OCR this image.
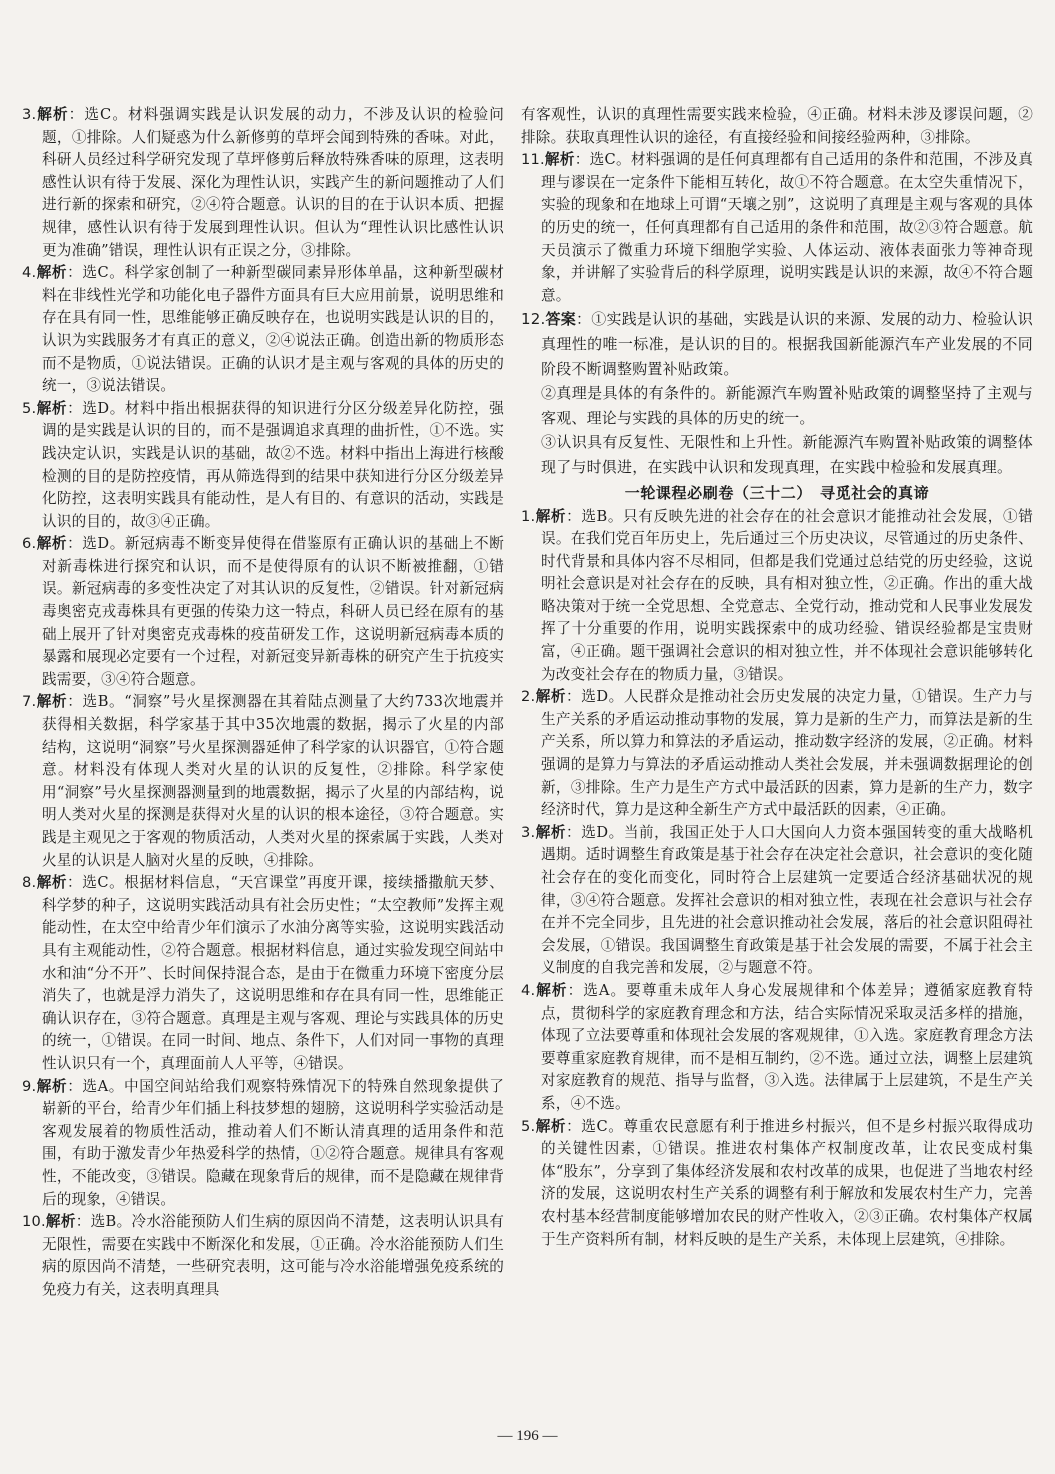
3.解析：选C。材料强调实践是认识发展的动力，不涉及认识的检验问题，①排除。人们疑惑为什么新修剪的草坪会闻到特殊的香味。对此，科研人员经过科学研究发现了草坪修剪后释放特殊香味的原理，这表明感性认识有待于发展、深化为理性认识，实践产生的新问题推动了人们进行新的探索和研究，②④符合题意。认识的目的在于认识本质、把握规律，感性认识有待于发展到理性认识。但认为“理性认识比感性认识更为准确”错误，理性认识有正误之分，③排除。

4.解析：选C。科学家创制了一种新型碳同素异形体单晶，这种新型碳材料在非线性光学和功能化电子器件方面具有巨大应用前景，说明思维和存在具有同一性，思维能够正确反映存在，也说明实践是认识的目的，认识为实践服务才有真正的意义，②④说法正确。创造出新的物质形态而不是物质，①说法错误。正确的认识才是主观与客观的具体的历史的统一，③说法错误。

5.解析：选D。材料中指出根据获得的知识进行分区分级差异化防控，强调的是实践是认识的目的，而不是强调追求真理的曲折性，①不选。实践决定认识，实践是认识的基础，故②不选。材料中指出上海进行核酸检测的目的是防控疫情，再从筛选得到的结果中获知进行分区分级差异化防控，这表明实践具有能动性，是人有目的、有意识的活动，实践是认识的目的，故③④正确。

6.解析：选D。新冠病毒不断变异使得在借鉴原有正确认识的基础上不断对新毒株进行探究和认识，而不是使得原有的认识不断被推翻，①错误。新冠病毒的多变性决定了对其认识的反复性，②错误。针对新冠病毒奥密克戎毒株具有更强的传染力这一特点，科研人员已经在原有的基础上展开了针对奥密克戎毒株的疫苗研发工作，这说明新冠病毒本质的暴露和展现必定要有一个过程，对新冠变异新毒株的研究产生于抗疫实践需要，③④符合题意。

7.解析：选B。“洞察”号火星探测器在其着陆点测量了大约733次地震并获得相关数据，科学家基于其中35次地震的数据，揭示了火星的内部结构，这说明“洞察”号火星探测器延伸了科学家的认识器官，①符合题意。材料没有体现人类对火星的认识的反复性，②排除。科学家使用“洞察”号火星探测器测量到的地震数据，揭示了火星的内部结构，说明人类对火星的探测是获得对火星的认识的根本途径，③符合题意。实践是主观见之于客观的物质活动，人类对火星的探索属于实践，人类对火星的认识是人脑对火星的反映，④排除。

8.解析：选C。根据材料信息，“天宫课堂”再度开课，接续播撒航天梦、科学梦的种子，这说明实践活动具有社会历史性；“太空教师”发挥主观能动性，在太空中给青少年们演示了水油分离等实验，这说明实践活动具有主观能动性，②符合题意。根据材料信息，通过实验发现空间站中水和油“分不开”、长时间保持混合态，是由于在微重力环境下密度分层消失了，也就是浮力消失了，这说明思维和存在具有同一性，思维能正确认识存在，③符合题意。真理是主观与客观、理论与实践具体的历史的统一，①错误。在同一时间、地点、条件下，人们对同一事物的真理性认识只有一个，真理面前人人平等，④错误。

9.解析：选A。中国空间站给我们观察特殊情况下的特殊自然现象提供了崭新的平台，给青少年们插上科技梦想的翅膀，这说明科学实验活动是客观发展着的物质性活动，推动着人们不断认清真理的适用条件和范围，有助于激发青少年热爱科学的热情，①②符合题意。规律具有客观性，不能改变，③错误。隐藏在现象背后的规律，而不是隐藏在规律背后的现象，④错误。

10.解析：选B。冷水浴能预防人们生病的原因尚不清楚，这表明认识具有无限性，需要在实践中不断深化和发展，①正确。冷水浴能预防人们生病的原因尚不清楚，一些研究表明，这可能与冷水浴能增强免疫系统的免疫力有关，这表明真理具

有客观性，认识的真理性需要实践来检验，④正确。材料未涉及谬误问题，②排除。获取真理性认识的途径，有直接经验和间接经验两种，③排除。

11.解析：选C。材料强调的是任何真理都有自己适用的条件和范围，不涉及真理与谬误在一定条件下能相互转化，故①不符合题意。在太空失重情况下，实验的现象和在地球上可谓“天壤之别”，这说明了真理是主观与客观的具体的历史的统一，任何真理都有自己适用的条件和范围，故②③符合题意。航天员演示了微重力环境下细胞学实验、人体运动、液体表面张力等神奇现象，并讲解了实验背后的科学原理，说明实践是认识的来源，故④不符合题意。

12.答案：①实践是认识的基础，实践是认识的来源、发展的动力、检验认识真理性的唯一标准，是认识的目的。根据我国新能源汽车产业发展的不同阶段不断调整购置补贴政策。

②真理是具体的有条件的。新能源汽车购置补贴政策的调整坚持了主观与客观、理论与实践的具体的历史的统一。

③认识具有反复性、无限性和上升性。新能源汽车购置补贴政策的调整体现了与时俱进，在实践中认识和发现真理，在实践中检验和发展真理。

一轮课程必刷卷（三十二）　寻觅社会的真谛

1.解析：选B。只有反映先进的社会存在的社会意识才能推动社会发展，①错误。在我们党百年历史上，先后通过三个历史决议，尽管通过的历史条件、时代背景和具体内容不尽相同，但都是我们党通过总结党的历史经验，这说明社会意识是对社会存在的反映，具有相对独立性，②正确。作出的重大战略决策对于统一全党思想、全党意志、全党行动，推动党和人民事业发展发挥了十分重要的作用，说明实践探索中的成功经验、错误经验都是宝贵财富，④正确。题干强调社会意识的相对独立性，并不体现社会意识能够转化为改变社会存在的物质力量，③错误。

2.解析：选D。人民群众是推动社会历史发展的决定力量，①错误。生产力与生产关系的矛盾运动推动事物的发展，算力是新的生产力，而算法是新的生产关系，所以算力和算法的矛盾运动，推动数字经济的发展，②正确。材料强调的是算力与算法的矛盾运动推动人类社会发展，并未强调数据理论的创新，③排除。生产力是生产方式中最活跃的因素，算力是新的生产力，数字经济时代，算力是这种全新生产方式中最活跃的因素，④正确。

3.解析：选D。当前，我国正处于人口大国向人力资本强国转变的重大战略机遇期。适时调整生育政策是基于社会存在决定社会意识，社会意识的变化随社会存在的变化而变化，同时符合上层建筑一定要适合经济基础状况的规律，③④符合题意。发挥社会意识的相对独立性，表现在社会意识与社会存在并不完全同步，且先进的社会意识推动社会发展，落后的社会意识阻碍社会发展，①错误。我国调整生育政策是基于社会发展的需要，不属于社会主义制度的自我完善和发展，②与题意不符。

4.解析：选A。要尊重未成年人身心发展规律和个体差异；遵循家庭教育特点，贯彻科学的家庭教育理念和方法，结合实际情况采取灵活多样的措施，体现了立法要尊重和体现社会发展的客观规律，①入选。家庭教育理念方法要尊重家庭教育规律，而不是相互制约，②不选。通过立法，调整上层建筑对家庭教育的规范、指导与监督，③入选。法律属于上层建筑，不是生产关系，④不选。

5.解析：选C。尊重农民意愿有利于推进乡村振兴，但不是乡村振兴取得成功的关键性因素，①错误。推进农村集体产权制度改革，让农民变成村集体“股东”，分享到了集体经济发展和农村改革的成果，也促进了当地农村经济的发展，这说明农村生产关系的调整有利于解放和发展农村生产力，完善农村基本经营制度能够增加农民的财产性收入，②③正确。农村集体产权属于生产资料所有制，材料反映的是生产关系，未体现上层建筑，④排除。

— 196 —
